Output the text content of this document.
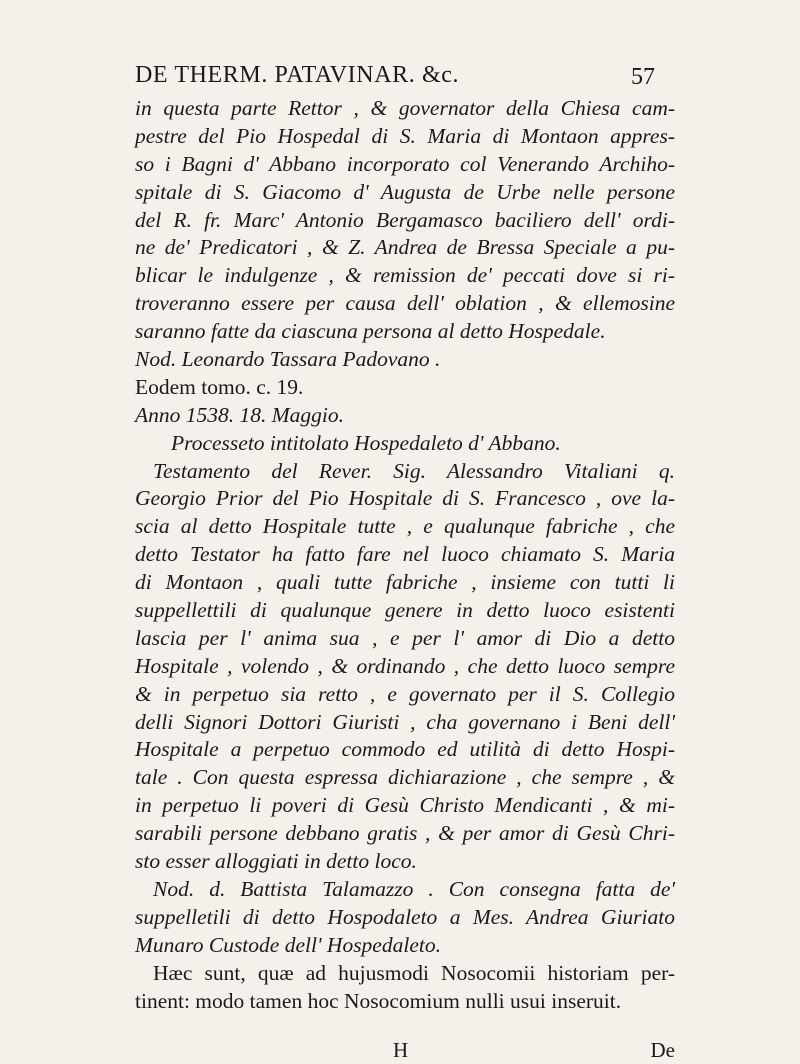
DE THERM. PATAVINAR. &c.	57
in questa parte Rettor , & governator della Chiesa cam-
pestre del Pio Hospedal di S. Maria di Montaon appres-
so i Bagni d' Abbano incorporato col Venerando Archiho-
spitale di S. Giacomo d' Augusta de Urbe nelle persone
del R. fr. Marc' Antonio Bergamasco baciliero dell' ordi-
ne de' Predicatori , & Z. Andrea de Bressa Speciale a pu-
blicar le indulgenze , & remission de' peccati dove si ri-
troveranno essere per causa dell' oblation , & ellemosine
saranno fatte da ciascuna persona al detto Hospedale.
Nod. Leonardo Tassara Padovano .
Eodem tomo. c. 19.
Anno 1538. 18. Maggio.
Processeto intitolato Hospedaleto d' Abbano.
Testamento del Rever. Sig. Alessandro Vitaliani q.
Georgio Prior del Pio Hospitale di S. Francesco , ove la-
scia al detto Hospitale tutte , e qualunque fabriche , che
detto Testator ha fatto fare nel luoco chiamato S. Maria
di Montaon , quali tutte fabriche , insieme con tutti li
suppellettili di qualunque genere in detto luoco esistenti
lascia per l' anima sua , e per l' amor di Dio a detto
Hospitale , volendo , & ordinando , che detto luoco sempre
& in perpetuo sia retto , e governato per il S. Collegio
delli Signori Dottori Giuristi , cha governano i Beni dell'
Hospitale a perpetuo commodo ed utilità di detto Hospi-
tale . Con questa espressa dichiarazione , che sempre , &
in perpetuo li poveri di Gesù Christo Mendicanti , & mi-
sarabili persone debbano gratis , & per amor di Gesù Chri-
sto esser alloggiati in detto loco.
Nod. d. Battista Talamazzo . Con consegna fatta de'
suppelletili di detto Hospodaleto a Mes. Andrea Giuriato
Munaro Custode dell' Hospedaleto.
Hæc sunt, quæ ad hujusmodi Nosocomii historiam per-
tinent: modo tamen hoc Nosocomium nulli usui inseruit.
H	De
